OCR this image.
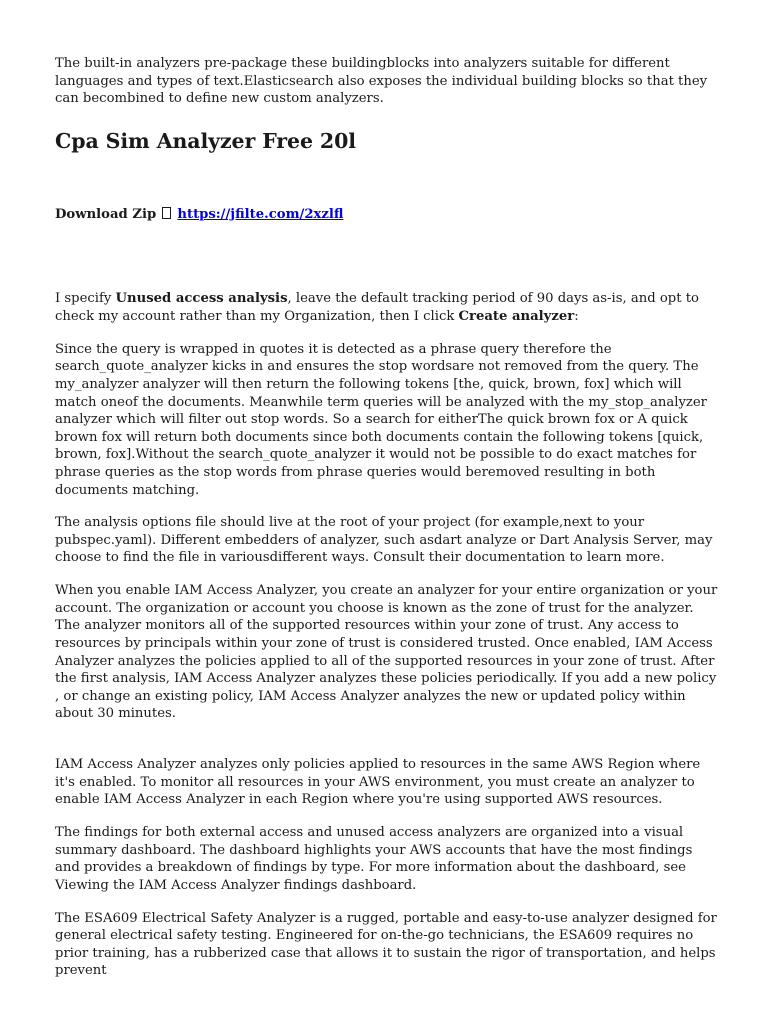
The built-in analyzers pre-package these buildingblocks into analyzers suitable for different languages and types of text.Elasticsearch also exposes the individual building blocks so that they can becombined to define new custom analyzers.

Cpa Sim Analyzer Free 20l
Download Zip https://jfilte.com/2xzlfl

I specify Unused access analysis, leave the default tracking period of 90 days as-is, and opt to check my account rather than my Organization, then I click Create analyzer:

Since the query is wrapped in quotes it is detected as a phrase query therefore the search_quote_analyzer kicks in and ensures the stop wordsare not removed from the query. The my_analyzer analyzer will then return the following tokens [the, quick, brown, fox] which will match oneof the documents. Meanwhile term queries will be analyzed with the my_stop_analyzer analyzer which will filter out stop words. So a search for eitherThe quick brown fox or A quick brown fox will return both documents since both documents contain the following tokens [quick, brown, fox].Without the search_quote_analyzer it would not be possible to do exact matches for phrase queries as the stop words from phrase queries would beremoved resulting in both documents matching.

The analysis options file should live at the root of your project (for example,next to your pubspec.yaml). Different embedders of analyzer, such asdart analyze or Dart Analysis Server, may choose to find the file in variousdifferent ways. Consult their documentation to learn more.

When you enable IAM Access Analyzer, you create an analyzer for your entire organization or your account. The organization or account you choose is known as the zone of trust for the analyzer. The analyzer monitors all of the supported resources within your zone of trust. Any access to resources by principals within your zone of trust is considered trusted. Once enabled, IAM Access Analyzer analyzes the policies applied to all of the supported resources in your zone of trust. After the first analysis, IAM Access Analyzer analyzes these policies periodically. If you add a new policy , or change an existing policy, IAM Access Analyzer analyzes the new or updated policy within about 30 minutes.

IAM Access Analyzer analyzes only policies applied to resources in the same AWS Region where it's enabled. To monitor all resources in your AWS environment, you must create an analyzer to enable IAM Access Analyzer in each Region where you're using supported AWS resources.

The findings for both external access and unused access analyzers are organized into a visual summary dashboard. The dashboard highlights your AWS accounts that have the most findings and provides a breakdown of findings by type. For more information about the dashboard, see Viewing the IAM Access Analyzer findings dashboard.

The ESA609 Electrical Safety Analyzer is a rugged, portable and easy-to-use analyzer designed for general electrical safety testing. Engineered for on-the-go technicians, the ESA609 requires no prior training, has a rubberized case that allows it to sustain the rigor of transportation, and helps prevent
